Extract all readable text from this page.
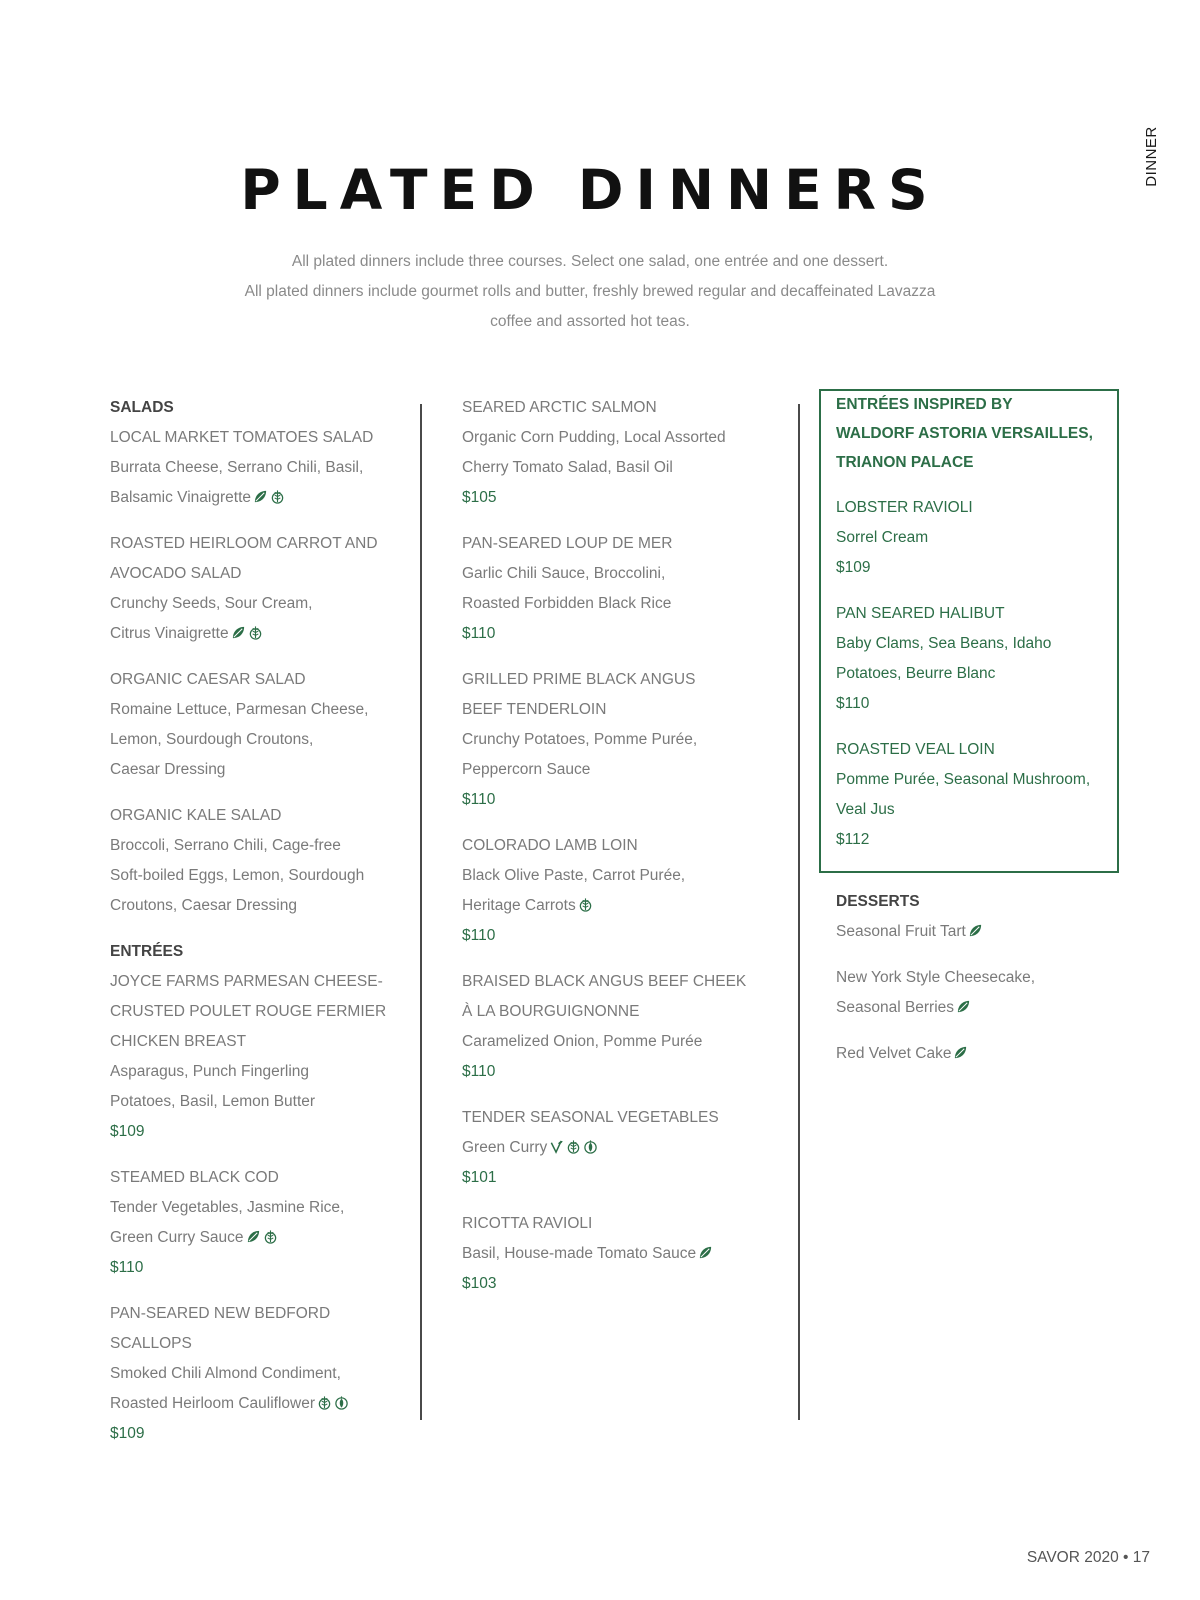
DINNER
PLATED DINNERS
All plated dinners include three courses. Select one salad, one entrée and one dessert.
All plated dinners include gourmet rolls and butter, freshly brewed regular and decaffeinated Lavazza
coffee and assorted hot teas.
SALADS
LOCAL MARKET TOMATOES SALAD
Burrata Cheese, Serrano Chili, Basil,
Balsamic Vinaigrette
ROASTED HEIRLOOM CARROT AND
AVOCADO SALAD
Crunchy Seeds, Sour Cream,
Citrus Vinaigrette
ORGANIC CAESAR SALAD
Romaine Lettuce, Parmesan Cheese,
Lemon, Sourdough Croutons,
Caesar Dressing
ORGANIC KALE SALAD
Broccoli, Serrano Chili, Cage-free
Soft-boiled Eggs, Lemon, Sourdough
Croutons, Caesar Dressing
ENTRÉES
JOYCE FARMS PARMESAN CHEESE-
CRUSTED POULET ROUGE FERMIER
CHICKEN BREAST
Asparagus, Punch Fingerling
Potatoes, Basil, Lemon Butter
$109
STEAMED BLACK COD
Tender Vegetables, Jasmine Rice,
Green Curry Sauce
$110
PAN-SEARED NEW BEDFORD
SCALLOPS
Smoked Chili Almond Condiment,
Roasted Heirloom Cauliflower
$109
SEARED ARCTIC SALMON
Organic Corn Pudding, Local Assorted
Cherry Tomato Salad, Basil Oil
$105
PAN-SEARED LOUP DE MER
Garlic Chili Sauce, Broccolini,
Roasted Forbidden Black Rice
$110
GRILLED PRIME BLACK ANGUS
BEEF TENDERLOIN
Crunchy Potatoes, Pomme Purée,
Peppercorn Sauce
$110
COLORADO LAMB LOIN
Black Olive Paste, Carrot Purée,
Heritage Carrots
$110
BRAISED BLACK ANGUS BEEF CHEEK
À LA BOURGUIGNONNE
Caramelized Onion, Pomme Purée
$110
TENDER SEASONAL VEGETABLES
Green Curry
$101
RICOTTA RAVIOLI
Basil, House-made Tomato Sauce
$103
ENTRÉES INSPIRED BY
WALDORF ASTORIA VERSAILLES,
TRIANON PALACE
LOBSTER RAVIOLI
Sorrel Cream
$109
PAN SEARED HALIBUT
Baby Clams, Sea Beans, Idaho
Potatoes, Beurre Blanc
$110
ROASTED VEAL LOIN
Pomme Purée, Seasonal Mushroom,
Veal Jus
$112
DESSERTS
Seasonal Fruit Tart
New York Style Cheesecake,
Seasonal Berries
Red Velvet Cake
SAVOR 2020 • 17
